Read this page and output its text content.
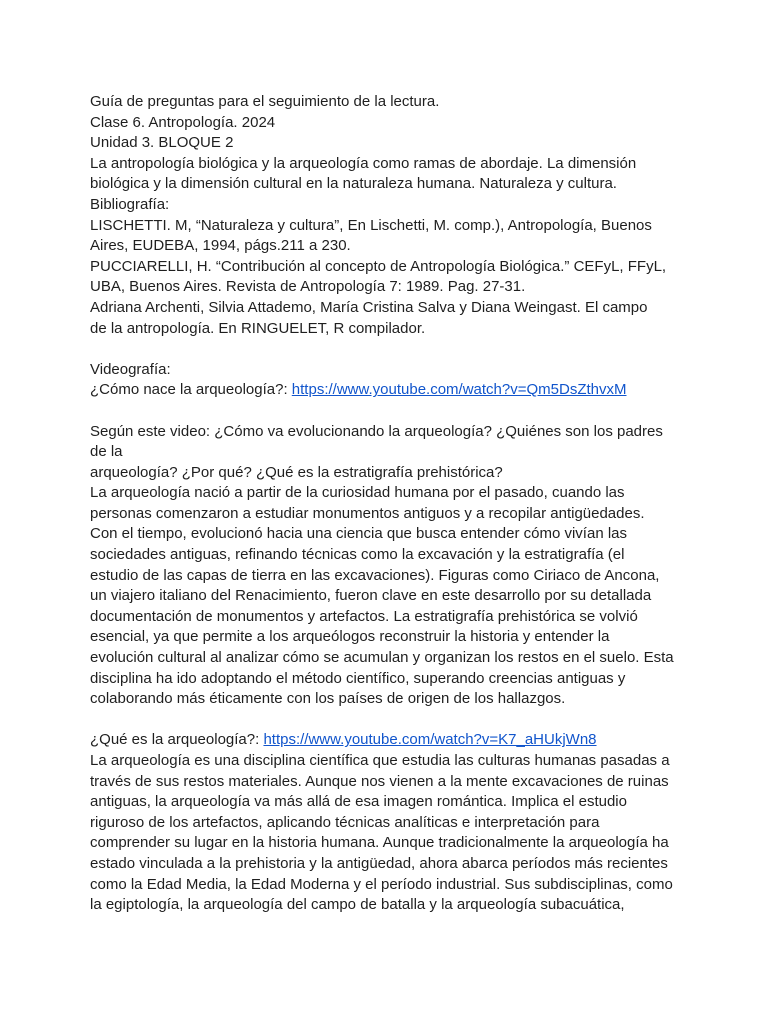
Guía de preguntas para el seguimiento de la lectura.
Clase 6. Antropología. 2024
Unidad 3. BLOQUE 2
La antropología biológica y la arqueología como ramas de abordaje. La dimensión
biológica y la dimensión cultural en la naturaleza humana. Naturaleza y cultura.
Bibliografía:
LISCHETTI. M, “Naturaleza y cultura”, En Lischetti, M. comp.), Antropología, Buenos
Aires, EUDEBA, 1994, págs.211 a 230.
PUCCIARELLI, H. “Contribución al concepto de Antropología Biológica.” CEFyL, FFyL,
UBA, Buenos Aires. Revista de Antropología 7: 1989. Pag. 27-31.
Adriana Archenti, Silvia Attademo, María Cristina Salva y Diana Weingast. El campo
de la antropología. En RINGUELET, R compilador.
Videografía:
¿Cómo nace la arqueología?: https://www.youtube.com/watch?v=Qm5DsZthvxM
Según este video: ¿Cómo va evolucionando la arqueología? ¿Quiénes son los padres
de la
arqueología? ¿Por qué? ¿Qué es la estratigrafía prehistórica?
La arqueología nació a partir de la curiosidad humana por el pasado, cuando las
personas comenzaron a estudiar monumentos antiguos y a recopilar antigüedades.
Con el tiempo, evolucionó hacia una ciencia que busca entender cómo vivían las
sociedades antiguas, refinando técnicas como la excavación y la estratigrafía (el
estudio de las capas de tierra en las excavaciones). Figuras como Ciriaco de Ancona,
un viajero italiano del Renacimiento, fueron clave en este desarrollo por su detallada
documentación de monumentos y artefactos. La estratigrafía prehistórica se volvió
esencial, ya que permite a los arqueólogos reconstruir la historia y entender la
evolución cultural al analizar cómo se acumulan y organizan los restos en el suelo. Esta
disciplina ha ido adoptando el método científico, superando creencias antiguas y
colaborando más éticamente con los países de origen de los hallazgos.
¿Qué es la arqueología?: https://www.youtube.com/watch?v=K7_aHUkjWn8
La arqueología es una disciplina científica que estudia las culturas humanas pasadas a
través de sus restos materiales. Aunque nos vienen a la mente excavaciones de ruinas
antiguas, la arqueología va más allá de esa imagen romántica. Implica el estudio
riguroso de los artefactos, aplicando técnicas analíticas e interpretación para
comprender su lugar en la historia humana. Aunque tradicionalmente la arqueología ha
estado vinculada a la prehistoria y la antigüedad, ahora abarca períodos más recientes
como la Edad Media, la Edad Moderna y el período industrial. Sus subdisciplinas, como
la egiptología, la arqueología del campo de batalla y la arqueología subacuática,
